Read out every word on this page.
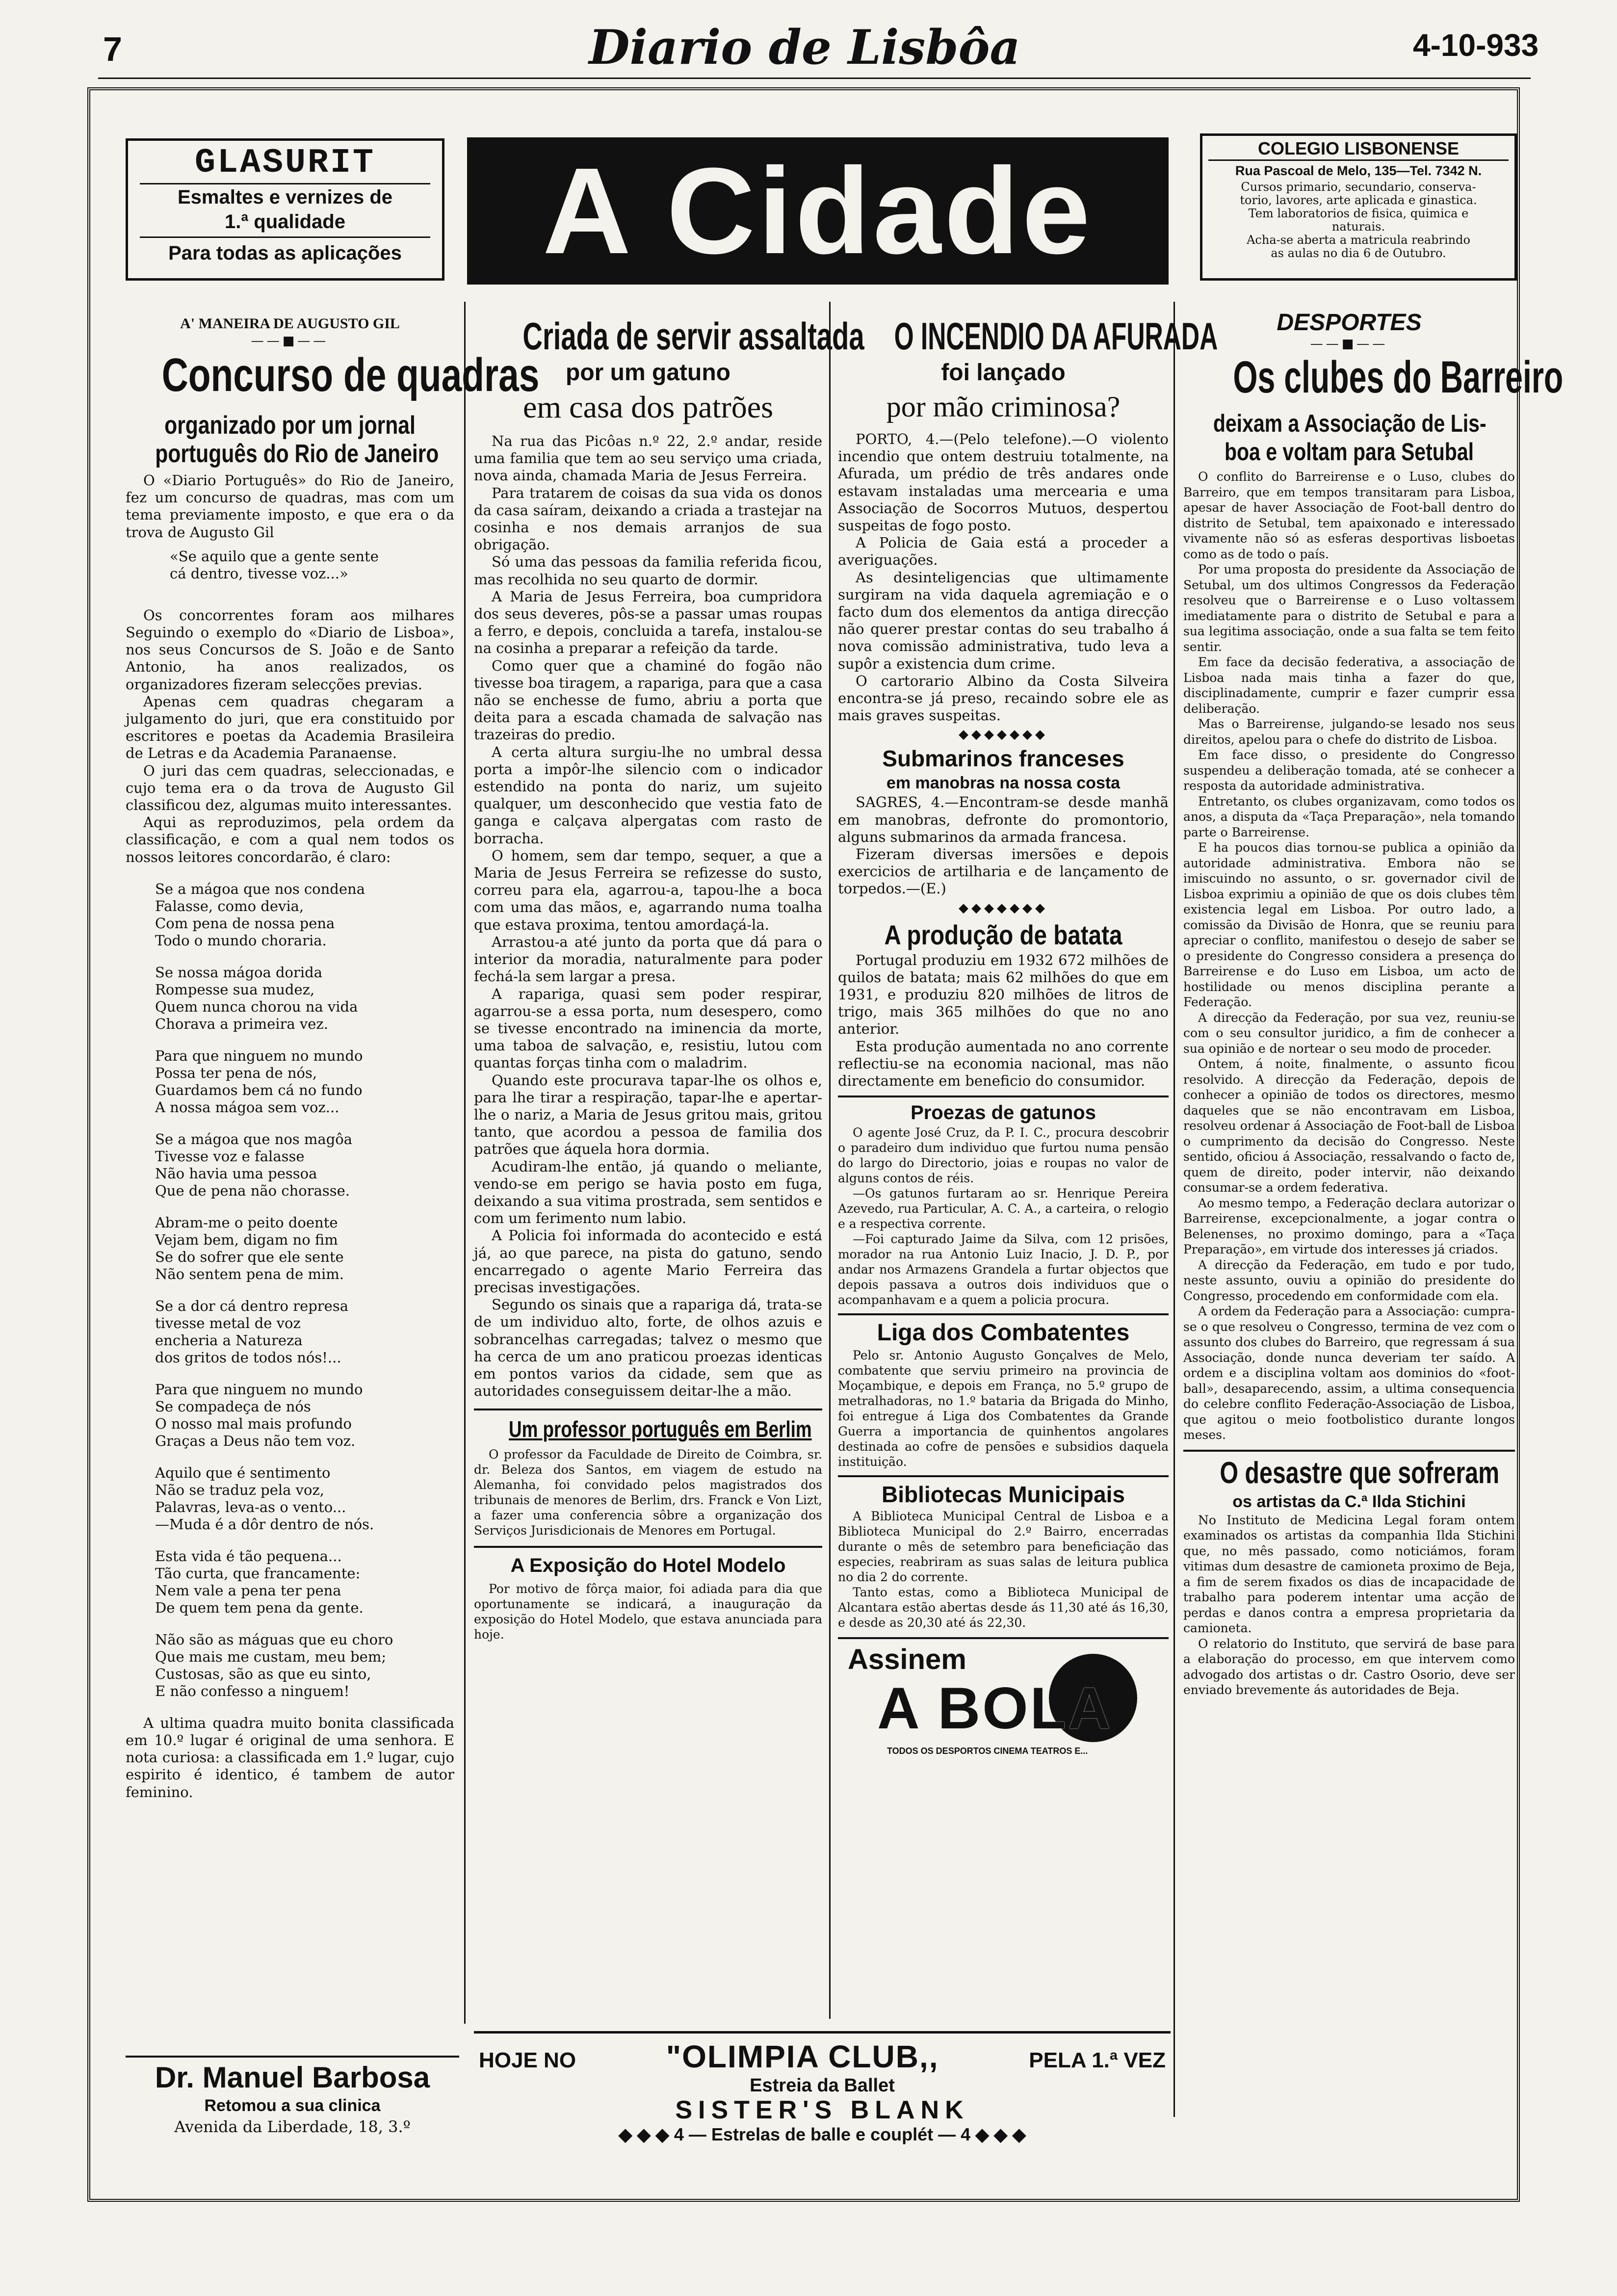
7	Diario de Lisbôa	4-10-933
GLASURIT
Esmaltes e vernizes de
1.ª qualidade
Para todas as aplicações	A Cidade	COLEGIO LISBONENSE
Rua Pascoal de Melo, 135—Tel. 7342 N.
Cursos primario, secundario, conserva-
torio, lavores, arte aplicada e ginastica.
Tem laboratorios de fisica, quimica e
naturais.
Acha-se aberta a matricula reabrindo
as aulas no dia 6 de Outubro.
A' MANEIRA DE AUGUSTO GIL
——■——
Concurso de quadras
organizado por um jornal
português do Rio de Janeiro

O «Diario Português» do Rio de Janeiro, fez um concurso de quadras, mas com um tema previamente imposto, e que era o da trova de Augusto Gil

«Se aquilo que a gente sente
cá dentro, tivesse voz...»

Os concorrentes foram aos milhares Seguindo o exemplo do «Diario de Lisboa», nos seus Concursos de S. João e de Santo Antonio, ha anos realizados, os organizadores fizeram selecções previas.

Apenas cem quadras chegaram a julgamento do juri, que era constituido por escritores e poetas da Academia Brasileira de Letras e da Academia Paranaense.

O juri das cem quadras, seleccionadas, e cujo tema era o da trova de Augusto Gil classificou dez, algumas muito interessantes.

Aqui as reproduzimos, pela ordem da classificação, e com a qual nem todos os nossos leitores concordarão, é claro:

Se a mágoa que nos condena
Falasse, como devia,
Com pena de nossa pena
Todo o mundo choraria.

Se nossa mágoa dorida
Rompesse sua mudez,
Quem nunca chorou na vida
Chorava a primeira vez.

Para que ninguem no mundo
Possa ter pena de nós,
Guardamos bem cá no fundo
A nossa mágoa sem voz...

Se a mágoa que nos magôa
Tivesse voz e falasse
Não havia uma pessoa
Que de pena não chorasse.

Abram-me o peito doente
Vejam bem, digam no fim
Se do sofrer que ele sente
Não sentem pena de mim.

Se a dor cá dentro represa
tivesse metal de voz
encheria a Natureza
dos gritos de todos nós!...

Para que ninguem no mundo
Se compadeça de nós
O nosso mal mais profundo
Graças a Deus não tem voz.

Aquilo que é sentimento
Não se traduz pela voz,
Palavras, leva-as o vento...
—Muda é a dôr dentro de nós.

Esta vida é tão pequena...
Tão curta, que francamente:
Nem vale a pena ter pena
De quem tem pena da gente.

Não são as máguas que eu choro
Que mais me custam, meu bem;
Custosas, são as que eu sinto,
E não confesso a ninguem!

A ultima quadra muito bonita classificada em 10.º lugar é original de uma senhora. E nota curiosa: a classificada em 1.º lugar, cujo espirito é identico, é tambem de autor feminino.

Dr. Manuel Barbosa
Retomou a sua clinica
Avenida da Liberdade, 18, 3.º
Criada de servir assaltada
por um gatuno
em casa dos patrões

Na rua das Picôas n.º 22, 2.º andar, reside uma familia que tem ao seu serviço uma criada, nova ainda, chamada Maria de Jesus Ferreira.

Para tratarem de coisas da sua vida os donos da casa saíram, deixando a criada a trastejar na cosinha e nos demais arranjos de sua obrigação.

Só uma das pessoas da familia referida ficou, mas recolhida no seu quarto de dormir.

A Maria de Jesus Ferreira, boa cumpridora dos seus deveres, pôs-se a passar umas roupas a ferro, e depois, concluida a tarefa, instalou-se na cosinha a preparar a refeição da tarde.

Como quer que a chaminé do fogão não tivesse boa tiragem, a rapariga, para que a casa não se enchesse de fumo, abriu a porta que deita para a escada chamada de salvação nas trazeiras do predio.

A certa altura surgiu-lhe no umbral dessa porta a impôr-lhe silencio com o indicador estendido na ponta do nariz, um sujeito qualquer, um desconhecido que vestia fato de ganga e calçava alpergatas com rasto de borracha.

O homem, sem dar tempo, sequer, a que a Maria de Jesus Ferreira se refizesse do susto, correu para ela, agarrou-a, tapou-lhe a boca com uma das mãos, e, agarrando numa toalha que estava proxima, tentou amordaçá-la.

Arrastou-a até junto da porta que dá para o interior da moradia, naturalmente para poder fechá-la sem largar a presa.

A rapariga, quasi sem poder respirar, agarrou-se a essa porta, num desespero, como se tivesse encontrado na iminencia da morte, uma taboa de salvação, e, resistiu, lutou com quantas forças tinha com o maladrim.

Quando este procurava tapar-lhe os olhos e, para lhe tirar a respiração, tapar-lhe e apertar-lhe o nariz, a Maria de Jesus gritou mais, gritou tanto, que acordou a pessoa de familia dos patrões que áquela hora dormia.

Acudiram-lhe então, já quando o meliante, vendo-se em perigo se havia posto em fuga, deixando a sua vitima prostrada, sem sentidos e com um ferimento num labio.

A Policia foi informada do acontecido e está já, ao que parece, na pista do gatuno, sendo encarregado o agente Mario Ferreira das precisas investigações.

Segundo os sinais que a rapariga dá, trata-se de um individuo alto, forte, de olhos azuis e sobrancelhas carregadas; talvez o mesmo que ha cerca de um ano praticou proezas identicas em pontos varios da cidade, sem que as autoridades conseguissem deitar-lhe a mão.

Um professor português em Berlim

O professor da Faculdade de Direito de Coimbra, sr. dr. Beleza dos Santos, em viagem de estudo na Alemanha, foi convidado pelos magistrados dos tribunais de menores de Berlim, drs. Franck e Von Lizt, a fazer uma conferencia sôbre a organização dos Serviços Jurisdicionais de Menores em Portugal.

A Exposição do Hotel Modelo

Por motivo de fôrça maior, foi adiada para dia que oportunamente se indicará, a inauguração da exposição do Hotel Modelo, que estava anunciada para hoje.

O INCENDIO DA AFURADA
foi lançado
por mão criminosa?

PORTO, 4.—(Pelo telefone).—O violento incendio que ontem destruiu totalmente, na Afurada, um prédio de três andares onde estavam instaladas uma mercearia e uma Associação de Socorros Mutuos, despertou suspeitas de fogo posto.

A Policia de Gaia está a proceder a averiguações.

As desinteligencias que ultimamente surgiram na vida daquela agremiação e o facto dum dos elementos da antiga direcção não querer prestar contas do seu trabalho á nova comissão administrativa, tudo leva a supôr a existencia dum crime.

O cartorario Albino da Costa Silveira encontra-se já preso, recaindo sobre ele as mais graves suspeitas.

◆◆◆◆◆◆◆
Submarinos franceses
em manobras na nossa costa

SAGRES, 4.—Encontram-se desde manhã em manobras, defronte do promontorio, alguns submarinos da armada francesa.

Fizeram diversas imersões e depois exercicios de artilharia e de lançamento de torpedos.—(E.)

◆◆◆◆◆◆◆
A produção de batata

Portugal produziu em 1932 672 milhões de quilos de batata; mais 62 milhões do que em 1931, e produziu 820 milhões de litros de trigo, mais 365 milhões do que no ano anterior.

Esta produção aumentada no ano corrente reflectiu-se na economia nacional, mas não directamente em beneficio do consumidor.

Proezas de gatunos

O agente José Cruz, da P. I. C., procura descobrir o paradeiro dum individuo que furtou numa pensão do largo do Directorio, joias e roupas no valor de alguns contos de réis.

—Os gatunos furtaram ao sr. Henrique Pereira Azevedo, rua Particular, A. C. A., a carteira, o relogio e a respectiva corrente.

—Foi capturado Jaime da Silva, com 12 prisões, morador na rua Antonio Luiz Inacio, J. D. P., por andar nos Armazens Grandela a furtar objectos que depois passava a outros dois individuos que o acompanhavam e a quem a policia procura.

Liga dos Combatentes

Pelo sr. Antonio Augusto Gonçalves de Melo, combatente que serviu primeiro na provincia de Moçambique, e depois em França, no 5.º grupo de metralhadoras, no 1.º bataria da Brigada do Minho, foi entregue á Liga dos Combatentes da Grande Guerra a importancia de quinhentos angolares destinada ao cofre de pensões e subsidios daquela instituição.

Bibliotecas Municipais

A Biblioteca Municipal Central de Lisboa e a Biblioteca Municipal do 2.º Bairro, encerradas durante o mês de setembro para beneficiação das especies, reabriram as suas salas de leitura publica no dia 2 do corrente.

Tanto estas, como a Biblioteca Municipal de Alcantara estão abertas desde ás 11,30 até ás 16,30, e desde as 20,30 até ás 22,30.

Assinem
A BOLA
TODOS OS DESPORTOS CINEMA TEATROS E...
DESPORTES
——■——
Os clubes do Barreiro
deixam a Associação de Lis-
boa e voltam para Setubal

O conflito do Barreirense e o Luso, clubes do Barreiro, que em tempos transitaram para Lisboa, apesar de haver Associação de Foot-ball dentro do distrito de Setubal, tem apaixonado e interessado vivamente não só as esferas desportivas lisboetas como as de todo o país.

Por uma proposta do presidente da Associação de Setubal, um dos ultimos Congressos da Federação resolveu que o Barreirense e o Luso voltassem imediatamente para o distrito de Setubal e para a sua legitima associação, onde a sua falta se tem feito sentir.

Em face da decisão federativa, a associação de Lisboa nada mais tinha a fazer do que, disciplinadamente, cumprir e fazer cumprir essa deliberação.

Mas o Barreirense, julgando-se lesado nos seus direitos, apelou para o chefe do distrito de Lisboa.

Em face disso, o presidente do Congresso suspendeu a deliberação tomada, até se conhecer a resposta da autoridade administrativa.

Entretanto, os clubes organizavam, como todos os anos, a disputa da «Taça Preparação», nela tomando parte o Barreirense.

E ha poucos dias tornou-se publica a opinião da autoridade administrativa. Embora não se imiscuindo no assunto, o sr. governador civil de Lisboa exprimiu a opinião de que os dois clubes têm existencia legal em Lisboa. Por outro lado, a comissão da Divisão de Honra, que se reuniu para apreciar o conflito, manifestou o desejo de saber se o presidente do Congresso considera a presença do Barreirense e do Luso em Lisboa, um acto de hostilidade ou menos disciplina perante a Federação.

A direcção da Federação, por sua vez, reuniu-se com o seu consultor juridico, a fim de conhecer a sua opinião e de nortear o seu modo de proceder.

Ontem, á noite, finalmente, o assunto ficou resolvido. A direcção da Federação, depois de conhecer a opinião de todos os directores, mesmo daqueles que se não encontravam em Lisboa, resolveu ordenar á Associação de Foot-ball de Lisboa o cumprimento da decisão do Congresso. Neste sentido, oficiou á Associação, ressalvando o facto de, quem de direito, poder intervir, não deixando consumar-se a ordem federativa.

Ao mesmo tempo, a Federação declara autorizar o Barreirense, excepcionalmente, a jogar contra o Belenenses, no proximo domingo, para a «Taça Preparação», em virtude dos interesses já criados.

A direcção da Federação, em tudo e por tudo, neste assunto, ouviu a opinião do presidente do Congresso, procedendo em conformidade com ela.

A ordem da Federação para a Associação: cumpra-se o que resolveu o Congresso, termina de vez com o assunto dos clubes do Barreiro, que regressam á sua Associação, donde nunca deveriam ter saído. A ordem e a disciplina voltam aos dominios do «foot-ball», desaparecendo, assim, a ultima consequencia do celebre conflito Federação-Associação de Lisboa, que agitou o meio footbolistico durante longos meses.

O desastre que sofreram
os artistas da C.ª Ilda Stichini

No Instituto de Medicina Legal foram ontem examinados os artistas da companhia Ilda Stichini que, no mês passado, como noticiámos, foram vitimas dum desastre de camioneta proximo de Beja, a fim de serem fixados os dias de incapacidade de trabalho para poderem intentar uma acção de perdas e danos contra a empresa proprietaria da camioneta.

O relatorio do Instituto, que servirá de base para a elaboração do processo, em que intervem como advogado dos artistas o dr. Castro Osorio, deve ser enviado brevemente ás autoridades de Beja.

HOJE NO	"OLIMPIA CLUB,,	PELA 1.ª VEZ
Estreia da Ballet
SISTER'S BLANK
◆ ◆ ◆ 4 — Estrelas de balle e couplét — 4 ◆ ◆ ◆
